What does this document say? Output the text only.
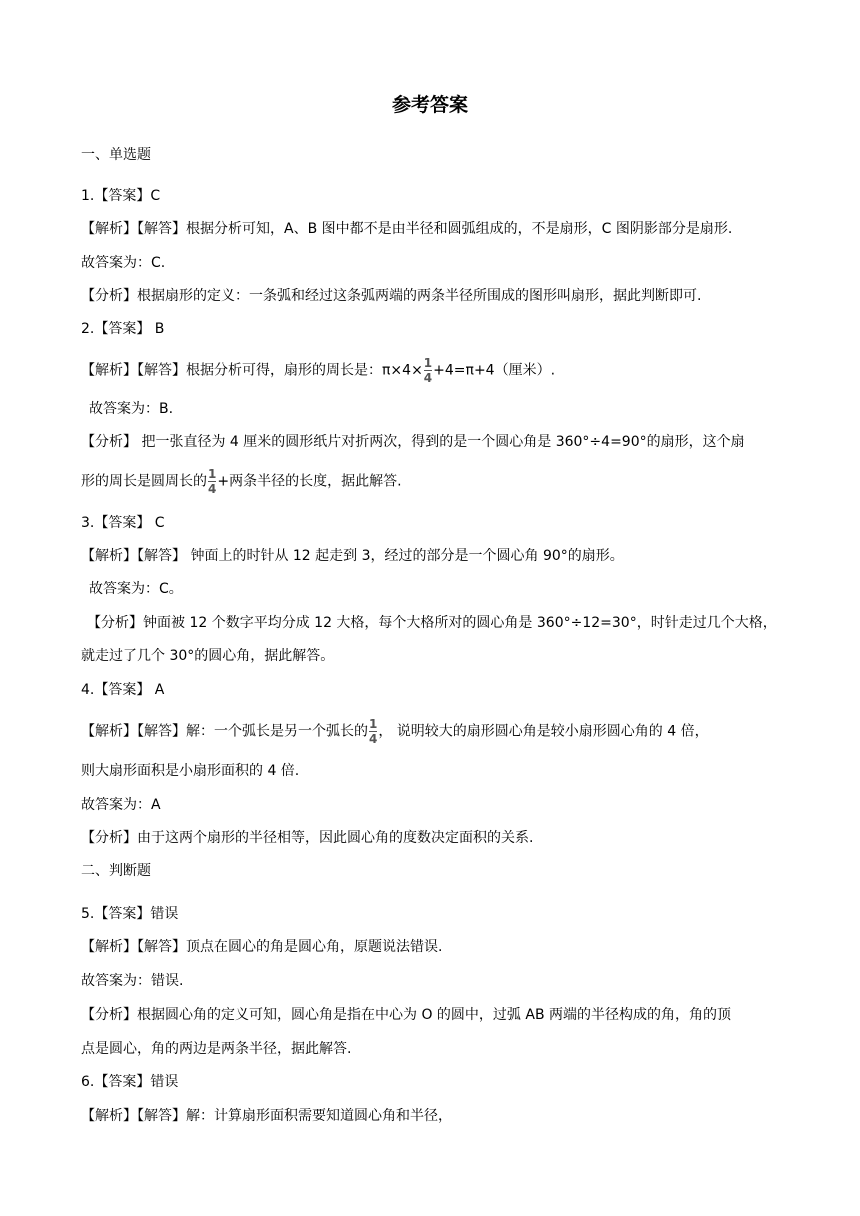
参考答案
一、单选题
1.【答案】C
【解析】【解答】根据分析可知，A、B 图中都不是由半径和圆弧组成的，不是扇形，C 图阴影部分是扇形.
故答案为：C.
【分析】根据扇形的定义：一条弧和经过这条弧两端的两条半径所围成的图形叫扇形，据此判断即可.
2.【答案】 B
【解析】【解答】根据分析可得，扇形的周长是：$\pi\times 4\times \frac{1}{4} +4=\pi+4$（厘米）.
故答案为：B.
【分析】 把一张直径为 4 厘米的圆形纸片对折两次，得到的是一个圆心角是 360°÷4=90°的扇形，这个扇
形的周长是圆周长的 $\frac{1}{4}$ +两条半径的长度，据此解答.
3.【答案】 C
【解析】【解答】 钟面上的时针从 12 起走到 3，经过的部分是一个圆心角 90°的扇形。
故答案为：C。
【分析】钟面被 12 个数字平均分成 12 大格，每个大格所对的圆心角是 360°÷12=30°，时针走过几个大格，
就走过了几个 30°的圆心角，据此解答。
4.【答案】 A
【解析】【解答】解：一个弧长是另一个弧长的 $\frac{1}{4}$ ， 说明较大的扇形圆心角是较小扇形圆心角的 4 倍，
则大扇形面积是小扇形面积的 4 倍.
故答案为：A
【分析】由于这两个扇形的半径相等，因此圆心角的度数决定面积的关系.
二、判断题
5.【答案】错误
【解析】【解答】顶点在圆心的角是圆心角，原题说法错误.
故答案为：错误.
【分析】根据圆心角的定义可知，圆心角是指在中心为 O 的圆中，过弧 AB 两端的半径构成的角，角的顶
点是圆心，角的两边是两条半径，据此解答.
6.【答案】错误
【解析】【解答】解：计算扇形面积需要知道圆心角和半径，
